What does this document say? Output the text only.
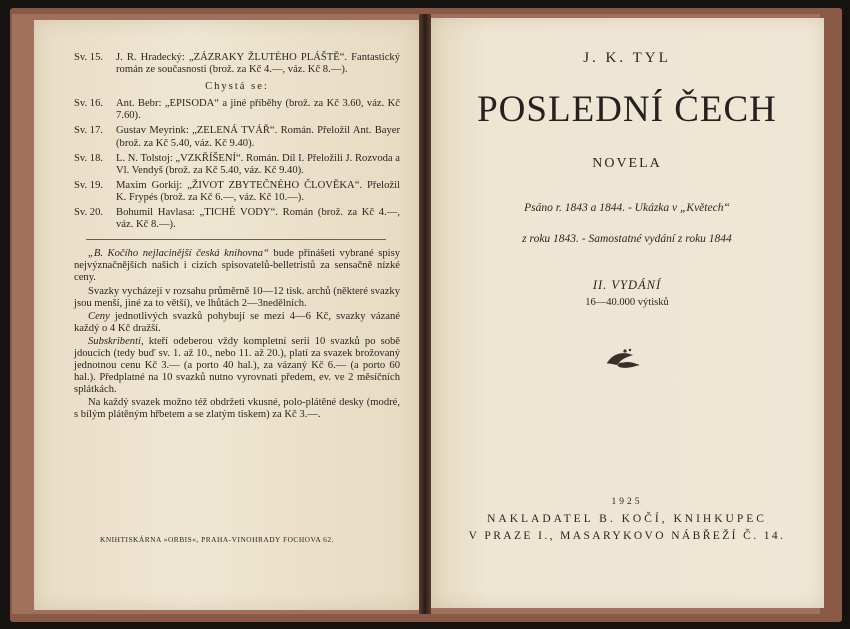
Sv. 15.	J. R. Hradecký: „ZÁZRAKY ŽLUTÉHO PLÁŠTĚ“. Fantastický román ze současnosti (brož. za Kč 4.—, váz. Kč 8.—).
Chystá se:
Sv. 16.	Ant. Bebr: „EPISODA“ a jiné příběhy (brož. za Kč 3.60, váz. Kč 7.60).
Sv. 17.	Gustav Meyrink: „ZELENÁ TVÁŘ“. Román. Přeložil Ant. Bayer (brož. za Kč 5.40, váz. Kč 9.40).
Sv. 18.	L. N. Tolstoj: „VZKŘÍŠENÍ“. Román. Díl I. Přeložili J. Rozvoda a Vl. Vendyš (brož. za Kč 5.40, váz. Kč 9.40).
Sv. 19.	Maxim Gorkij: „ŽIVOT ZBYTEČNÉHO ČLOVĚKA“. Přeložil K. Frypés (brož. za Kč 6.—, váz. Kč 10.—).
Sv. 20.	Bohumil Havlasa: „TICHÉ VODY“. Román (brož. za Kč 4.—, váz. Kč 8.—).

„B. Kočího nejlacinější česká knihovna“ bude přinášeti vybrané spisy nejvýznačnějších našich i cizích spisovatelů-belletristů za sensačně nízké ceny.

Svazky vycházejí v rozsahu průměrně 10—12 tisk. archů (některé svazky jsou menší, jiné za to větší), ve lhůtách 2—3nedělních.

Ceny jednotlivých svazků pohybují se mezi 4—6 Kč, svazky vázané každý o 4 Kč dražší.

Subskribenti, kteří odeberou vždy kompletní serii 10 svazků po sobě jdoucích (tedy buď sv. 1. až 10., nebo 11. až 20.), platí za svazek brožovaný jednotnou cenu Kč 3.— (a porto 40 hal.), za vázaný Kč 6.— (a porto 60 hal.). Předplatné na 10 svazků nutno vyrovnati předem, ev. ve 2 měsíčních splátkách.

Na každý svazek možno též obdržeti vkusné, polo-plátěné desky (modré, s bílým plátěným hřbetem a se zlatým tiskem) za Kč 3.—.

KNIHTISKÁRNA »ORBIS«, PRAHA-VINOHRADY FOCHOVA 62.
J. K. TYL
POSLEDNÍ ČECH
NOVELA
Psáno r. 1843 a 1844. - Ukázka v „Květech“
z roku 1843. - Samostatné vydání z roku 1844
II. VYDÁNÍ
16—40.000 výtisků
1925
NAKLADATEL B. KOČÍ, KNIHKUPEC
V PRAZE I., MASARYKOVO NÁBŘEŽÍ Č. 14.
